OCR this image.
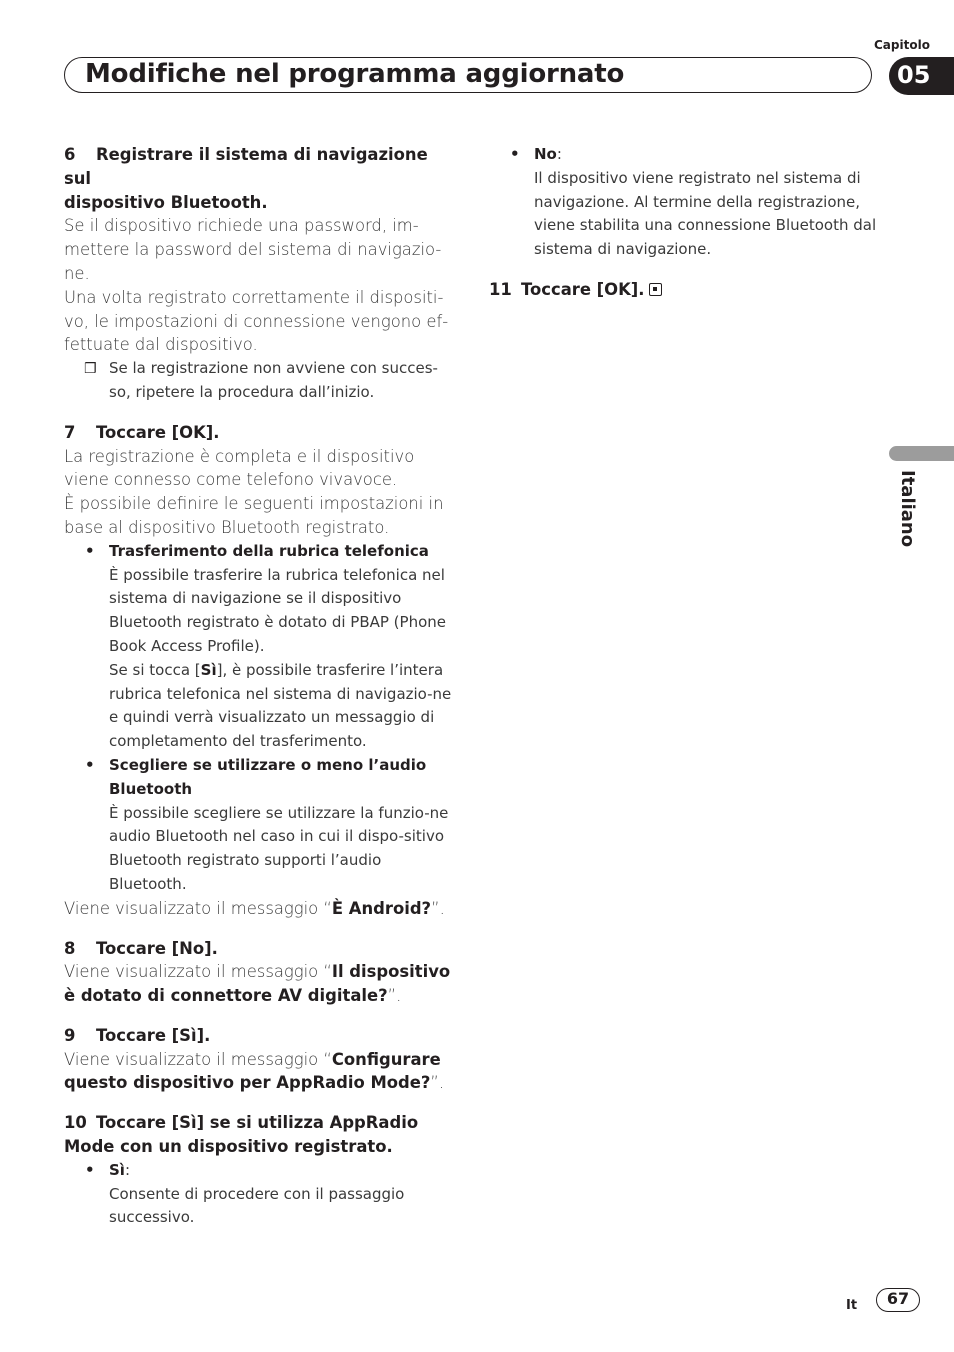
Capitolo
Modifiche nel programma aggiornato	05
Italiano

6 Registrare il sistema di navigazione sul
dispositivo Bluetooth.

Se il dispositivo richiede una password, im-mettere la password del sistema di navigazio-ne.

Una volta registrato correttamente il dispositi-vo, le impostazioni di connessione vengono ef-fettuate dal dispositivo.

❒ Se la registrazione non avviene con succes-so, ripetere la procedura dall’inizio.

7 Toccare [OK].

La registrazione è completa e il dispositivo viene connesso come telefono vivavoce.

È possibile definire le seguenti impostazioni in base al dispositivo Bluetooth registrato.

• Trasferimento della rubrica telefonica
È possibile trasferire la rubrica telefonica nel sistema di navigazione se il dispositivo Bluetooth registrato è dotato di PBAP (Phone Book Access Profile).
Se si tocca [Sì], è possibile trasferire l’intera rubrica telefonica nel sistema di navigazio-ne e quindi verrà visualizzato un messaggio di completamento del trasferimento.

• Scegliere se utilizzare o meno l’audio Bluetooth
È possibile scegliere se utilizzare la funzio-ne audio Bluetooth nel caso in cui il dispo-sitivo Bluetooth registrato supporti l’audio Bluetooth.

Viene visualizzato il messaggio “È Android?”.

8 Toccare [No].

Viene visualizzato il messaggio “Il dispositivo è dotato di connettore AV digitale?”.

9 Toccare [Sì].

Viene visualizzato il messaggio “Configurare questo dispositivo per AppRadio Mode?”.

10 Toccare [Sì] se si utilizza AppRadio
Mode con un dispositivo registrato.

• Sì:
Consente di procedere con il passaggio successivo.

• No:
Il dispositivo viene registrato nel sistema di navigazione. Al termine della registrazione, viene stabilita una connessione Bluetooth dal sistema di navigazione.

11 Toccare [OK].

It	67
